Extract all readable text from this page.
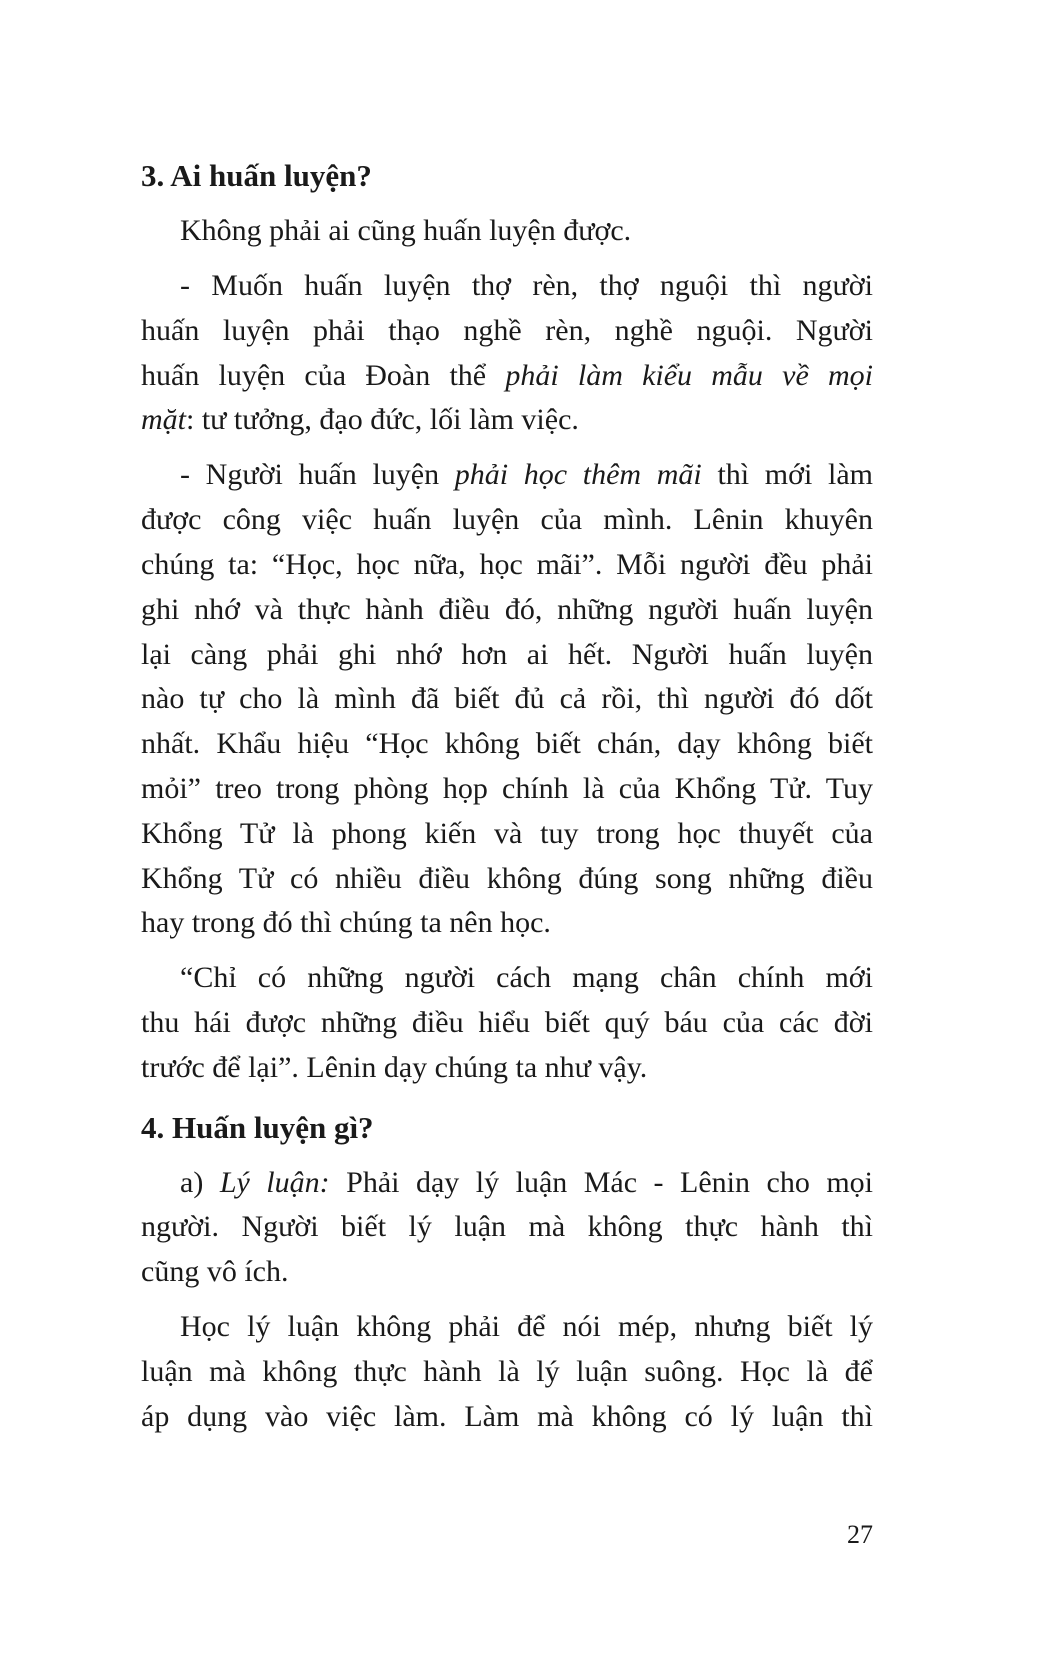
3. Ai huấn luyện?
Không phải ai cũng huấn luyện được.
- Muốn huấn luyện thợ rèn, thợ nguội thì người
huấn luyện phải thạo nghề rèn, nghề nguội. Người
huấn luyện của Đoàn thể phải làm kiểu mẫu về mọi
mặt: tư tưởng, đạo đức, lối làm việc.
- Người huấn luyện phải học thêm mãi thì mới làm
được công việc huấn luyện của mình. Lênin khuyên
chúng ta: “Học, học nữa, học mãi”. Mỗi người đều phải
ghi nhớ và thực hành điều đó, những người huấn luyện
lại càng phải ghi nhớ hơn ai hết. Người huấn luyện
nào tự cho là mình đã biết đủ cả rồi, thì người đó dốt
nhất. Khẩu hiệu “Học không biết chán, dạy không biết
mỏi” treo trong phòng họp chính là của Khổng Tử. Tuy
Khổng Tử là phong kiến và tuy trong học thuyết của
Khổng Tử có nhiều điều không đúng song những điều
hay trong đó thì chúng ta nên học.
“Chỉ có những người cách mạng chân chính mới
thu hái được những điều hiểu biết quý báu của các đời
trước để lại”. Lênin dạy chúng ta như vậy.
4. Huấn luyện gì?
a) Lý luận: Phải dạy lý luận Mác - Lênin cho mọi
người. Người biết lý luận mà không thực hành thì
cũng vô ích.
Học lý luận không phải để nói mép, nhưng biết lý
luận mà không thực hành là lý luận suông. Học là để
áp dụng vào việc làm. Làm mà không có lý luận thì
27
